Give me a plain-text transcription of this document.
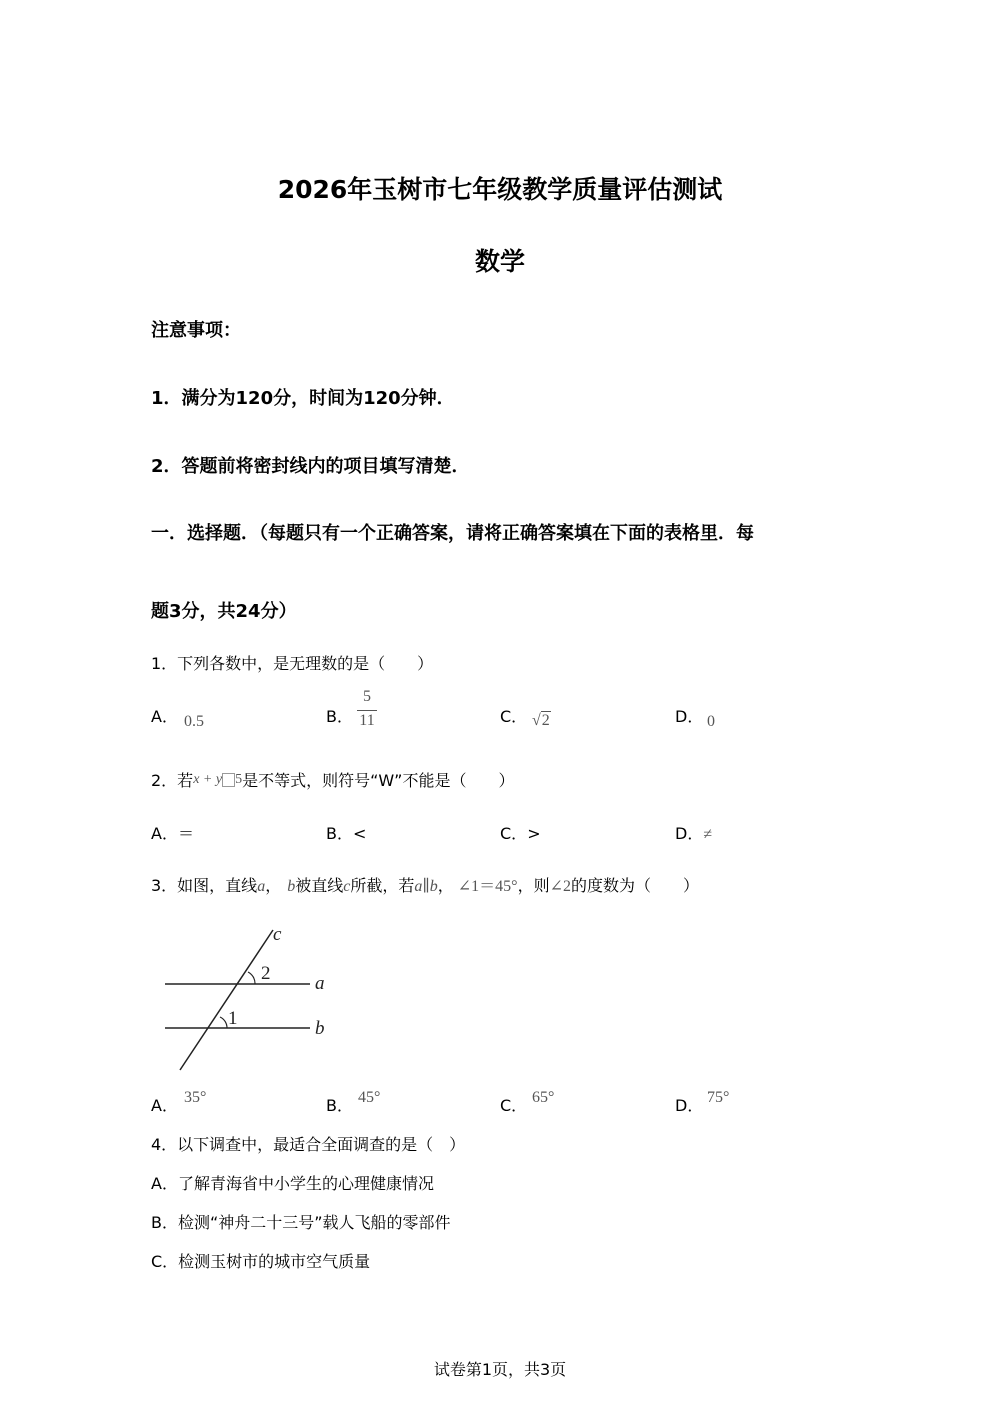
2026年玉树市七年级教学质量评估测试
数学
注意事项：
1．满分为120分，时间为120分钟．
2．答题前将密封线内的项目填写清楚．
一．选择题．（每题只有一个正确答案，请将正确答案填在下面的表格里．每
题3分，共24分）
1．下列各数中，是无理数的是（　　）
A． 0.5	B．
5
11	C． √2	D． 0
2．若x + y 5是不等式，则符号“W”不能是（　　）
A．＝	B．<	C．>	D．≠
3．如图，直线a， b被直线c所截，若a∥b， ∠1＝45°，则∠2的度数为（　　）
c
2 a
1	b
A． 35°	B． 45°	C． 65°	D． 75°
4．以下调查中，最适合全面调查的是（　）
A．了解青海省中小学生的心理健康情况
B．检测“神舟二十三号”载人飞船的零部件
C．检测玉树市的城市空气质量
试卷第1页，共3页
